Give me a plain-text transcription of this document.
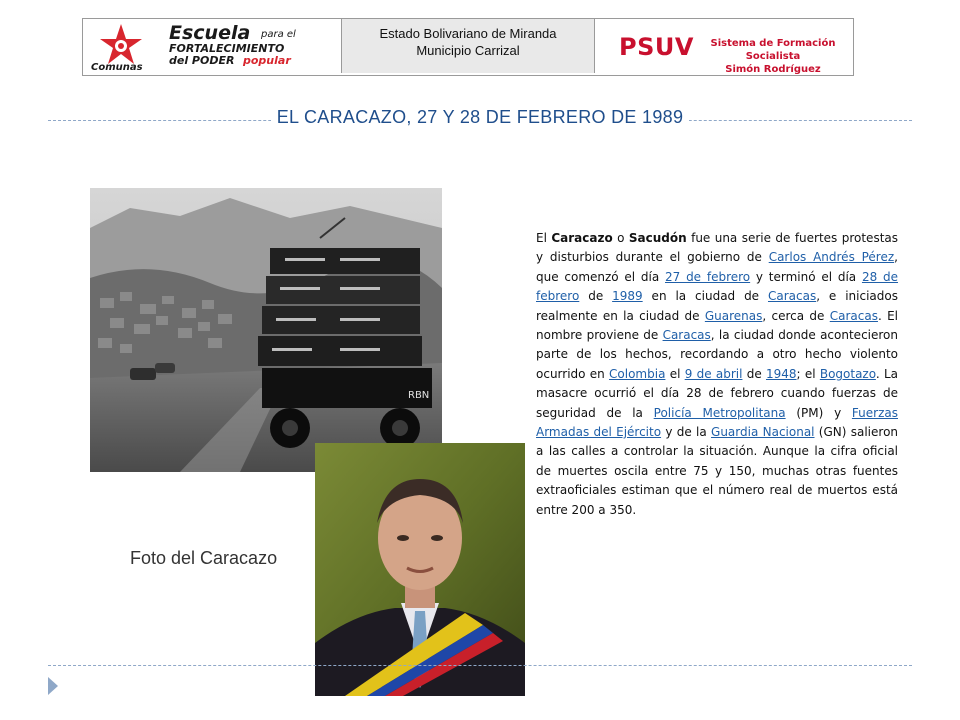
Escuela para el
FORTALECIMIENTO
del PODER popular
Comunas
Estado Bolivariano de Miranda
Municipio Carrizal	PSUV	Sistema de Formación Socialista
Simón Rodríguez
EL CARACAZO, 27 Y 28 DE FEBRERO DE 1989
RBN
Foto del Caracazo

El Caracazo o Sacudón fue una serie de fuertes protestas y disturbios durante el gobierno de Carlos Andrés Pérez, que comenzó el día 27 de febrero y terminó el día 28 de febrero de 1989 en la ciudad de Caracas, e iniciados realmente en la ciudad de Guarenas, cerca de Caracas. El nombre proviene de Caracas, la ciudad donde acontecieron parte de los hechos, recordando a otro hecho violento ocurrido en Colombia el 9 de abril de 1948; el Bogotazo. La masacre ocurrió el día 28 de febrero cuando fuerzas de seguridad de la Policía Metropolitana (PM) y Fuerzas Armadas del Ejército y de la Guardia Nacional (GN) salieron a las calles a controlar la situación. Aunque la cifra oficial de muertes oscila entre 75 y 150, muchas otras fuentes extraoficiales estiman que el número real de muertos está entre 200 a 350.
